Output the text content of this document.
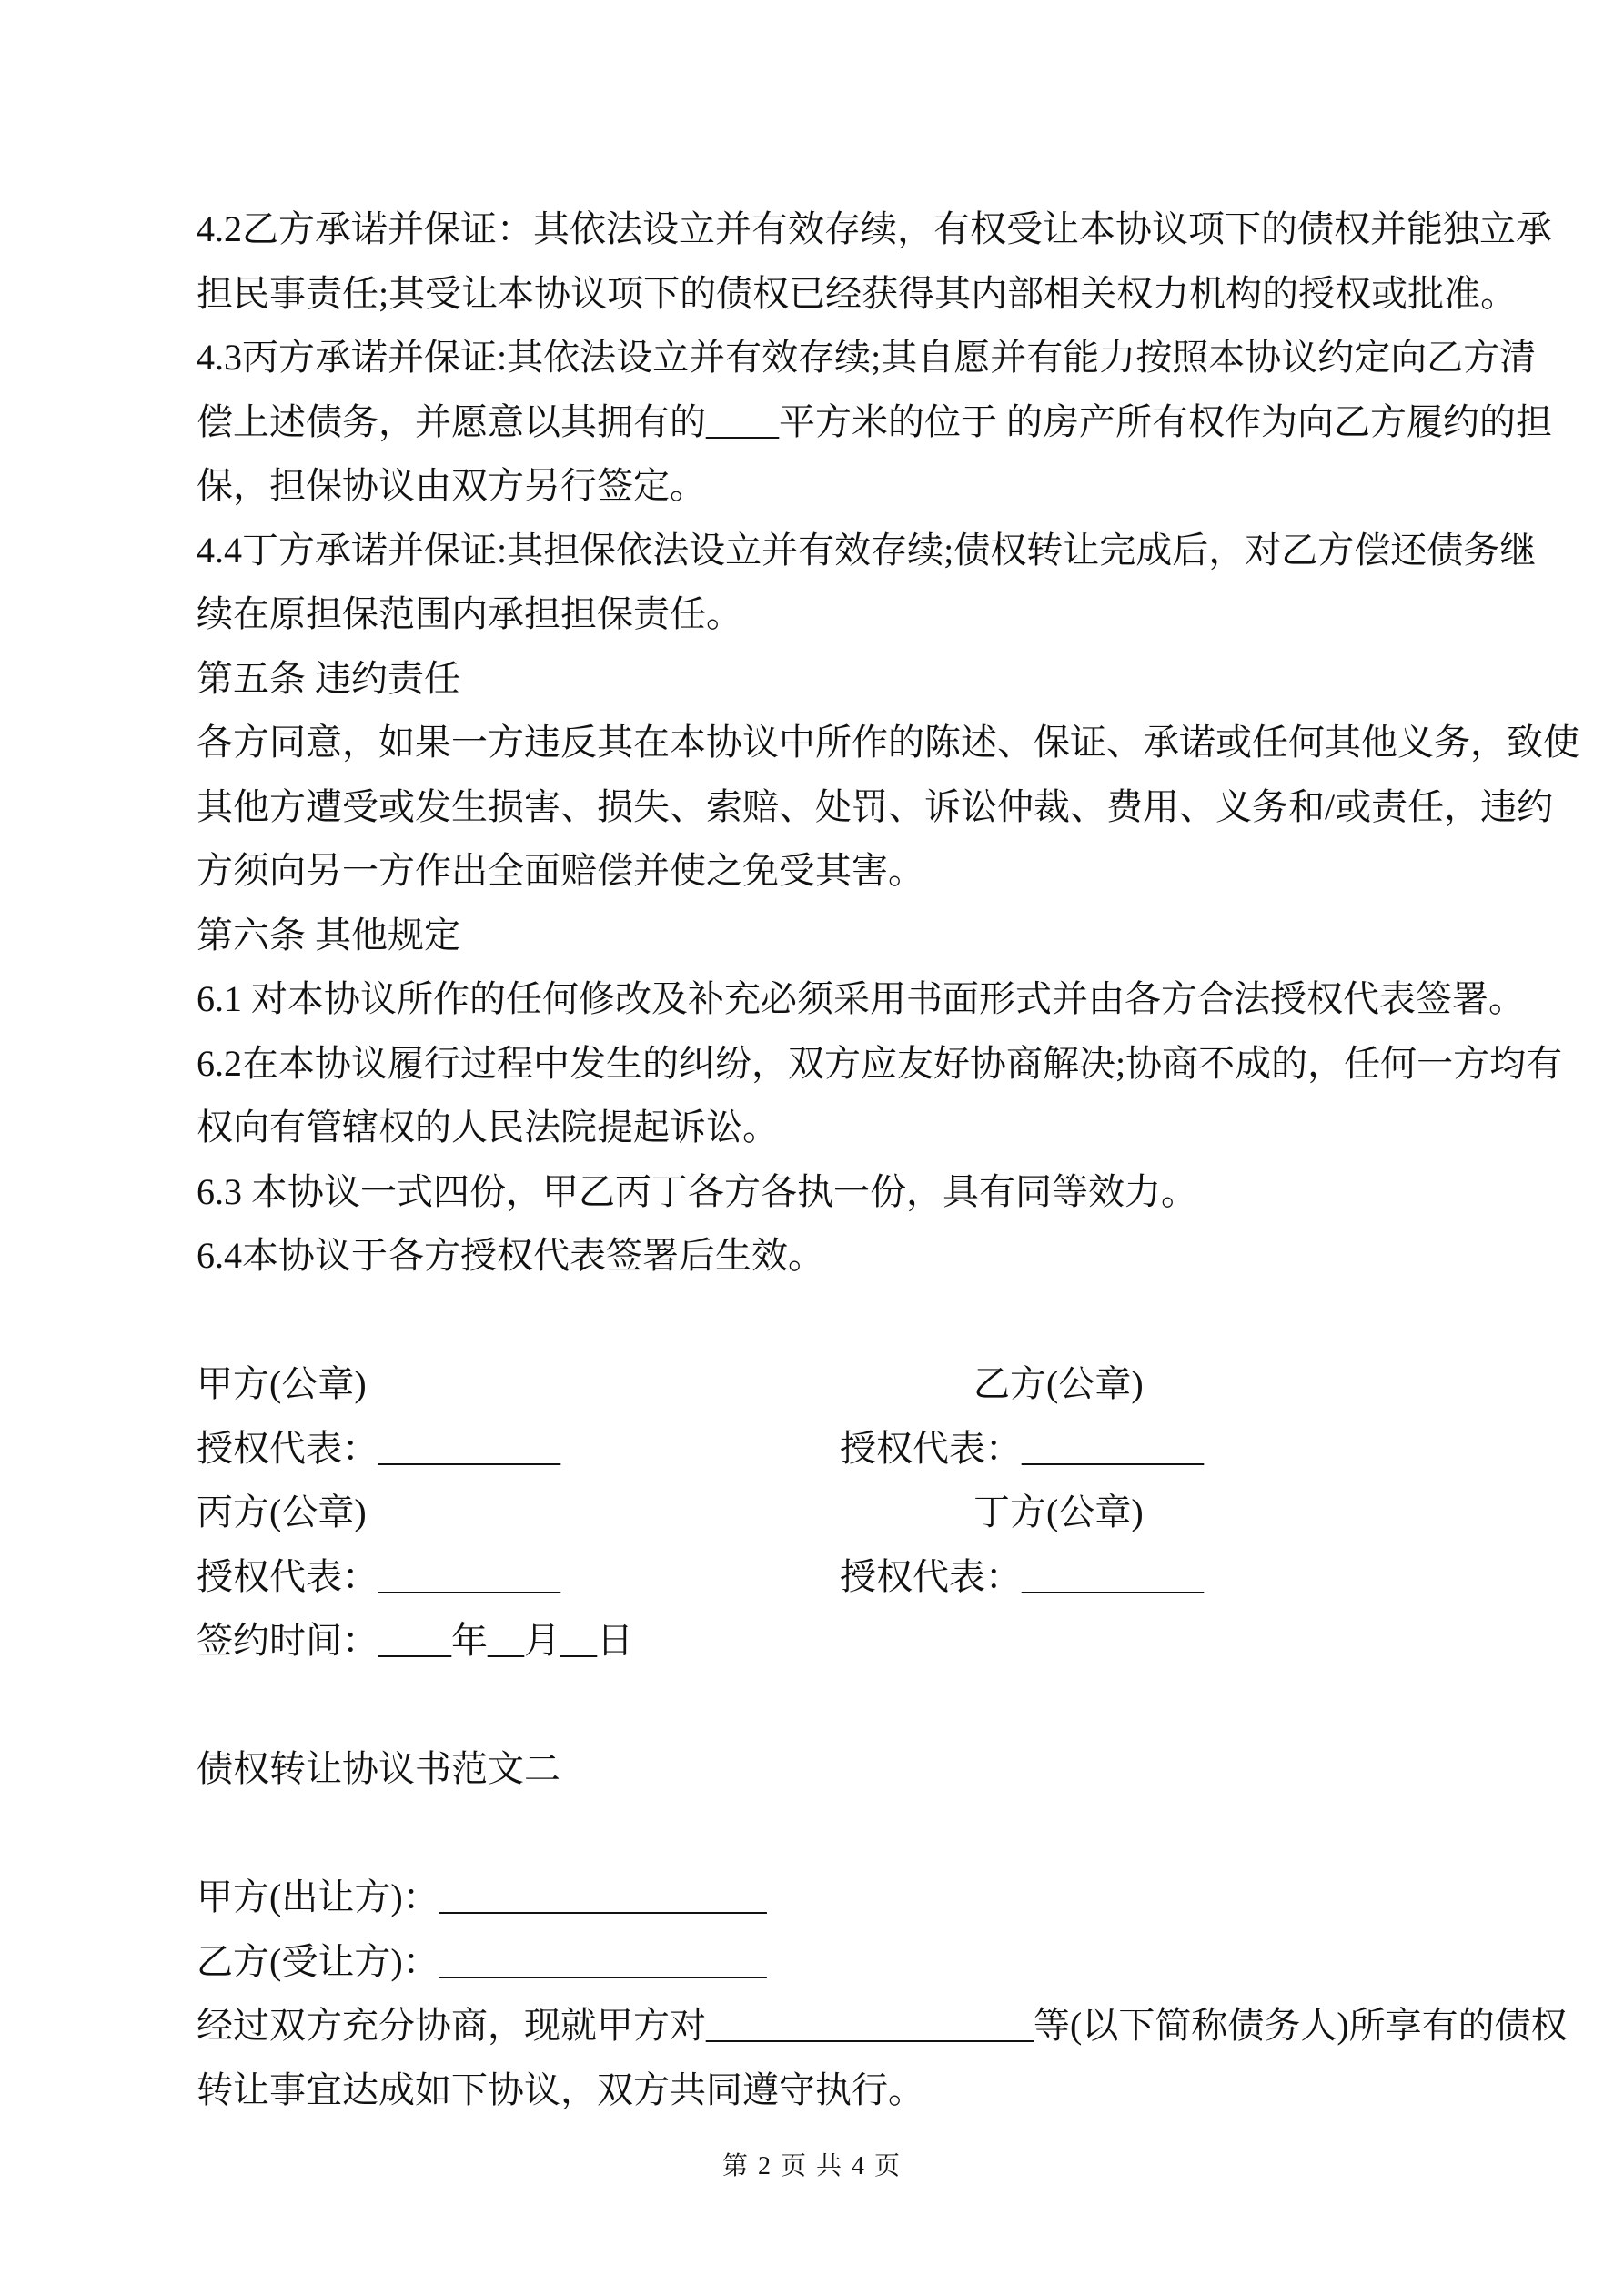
4.2乙方承诺并保证：其依法设立并有效存续，有权受让本协议项下的债权并能独立承
担民事责任;其受让本协议项下的债权已经获得其内部相关权力机构的授权或批准。
4.3丙方承诺并保证:其依法设立并有效存续;其自愿并有能力按照本协议约定向乙方清
偿上述债务，并愿意以其拥有的____平方米的位于 的房产所有权作为向乙方履约的担
保，担保协议由双方另行签定。
4.4丁方承诺并保证:其担保依法设立并有效存续;债权转让完成后，对乙方偿还债务继
续在原担保范围内承担担保责任。
第五条 违约责任
各方同意，如果一方违反其在本协议中所作的陈述、保证、承诺或任何其他义务，致使
其他方遭受或发生损害、损失、索赔、处罚、诉讼仲裁、费用、义务和/或责任，违约
方须向另一方作出全面赔偿并使之免受其害。
第六条 其他规定
6.1 对本协议所作的任何修改及补充必须采用书面形式并由各方合法授权代表签署。
6.2在本协议履行过程中发生的纠纷，双方应友好协商解决;协商不成的，任何一方均有
权向有管辖权的人民法院提起诉讼。
6.3 本协议一式四份，甲乙丙丁各方各执一份，具有同等效力。
6.4本协议于各方授权代表签署后生效。
甲方(公章)	乙方(公章)
授权代表：__________	授权代表：__________
丙方(公章)	丁方(公章)
授权代表：__________	授权代表：__________
签约时间：____年__月__日
债权转让协议书范文二
甲方(出让方)：__________________
乙方(受让方)：__________________
经过双方充分协商，现就甲方对__________________等(以下简称债务人)所享有的债权
转让事宜达成如下协议，双方共同遵守执行。
第 2 页 共 4 页
